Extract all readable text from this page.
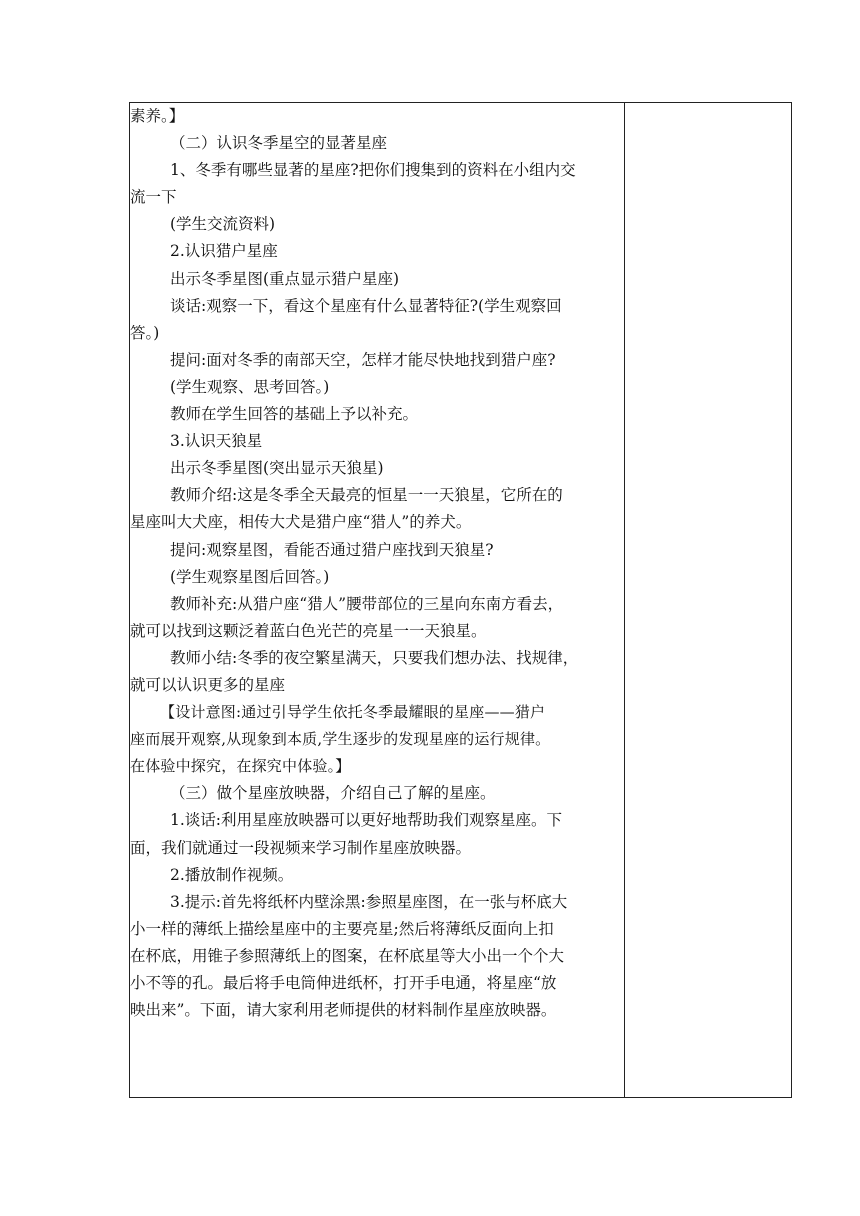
素养。】

（二）认识冬季星空的显著星座

1、冬季有哪些显著的星座?把你们搜集到的资料在小组内交

流一下

(学生交流资料)

2.认识猎户星座

出示冬季星图(重点显示猎户星座)

谈话:观察一下，看这个星座有什么显著特征?(学生观察回

答。)

提问:面对冬季的南部天空，怎样才能尽快地找到猎户座?

(学生观察、思考回答。)

教师在学生回答的基础上予以补充。

3.认识天狼星

出示冬季星图(突出显示天狼星)

教师介绍:这是冬季全天最亮的恒星一一天狼星，它所在的

星座叫大犬座，相传大犬是猎户座“猎人”的养犬。

提问:观察星图，看能否通过猎户座找到天狼星?

(学生观察星图后回答。)

教师补充:从猎户座“猎人”腰带部位的三星向东南方看去，

就可以找到这颗泛着蓝白色光芒的亮星一一天狼星。

教师小结:冬季的夜空繁星满天，只要我们想办法、找规律，

就可以认识更多的星座

【设计意图:通过引导学生依托冬季最耀眼的星座——猎户

座而展开观察,从现象到本质,学生逐步的发现星座的运行规律。

在体验中探究，在探究中体验。】

（三）做个星座放映器，介绍自己了解的星座。

1.谈话:利用星座放映器可以更好地帮助我们观察星座。下

面，我们就通过一段视频来学习制作星座放映器。

2.播放制作视频。

3.提示:首先将纸杯内壁涂黑:参照星座图，在一张与杯底大

小一样的薄纸上描绘星座中的主要亮星;然后将薄纸反面向上扣

在杯底，用锥子参照薄纸上的图案，在杯底星等大小出一个个大

小不等的孔。最后将手电筒伸进纸杯，打开手电通，将星座“放

映出来”。下面，请大家利用老师提供的材料制作星座放映器。
